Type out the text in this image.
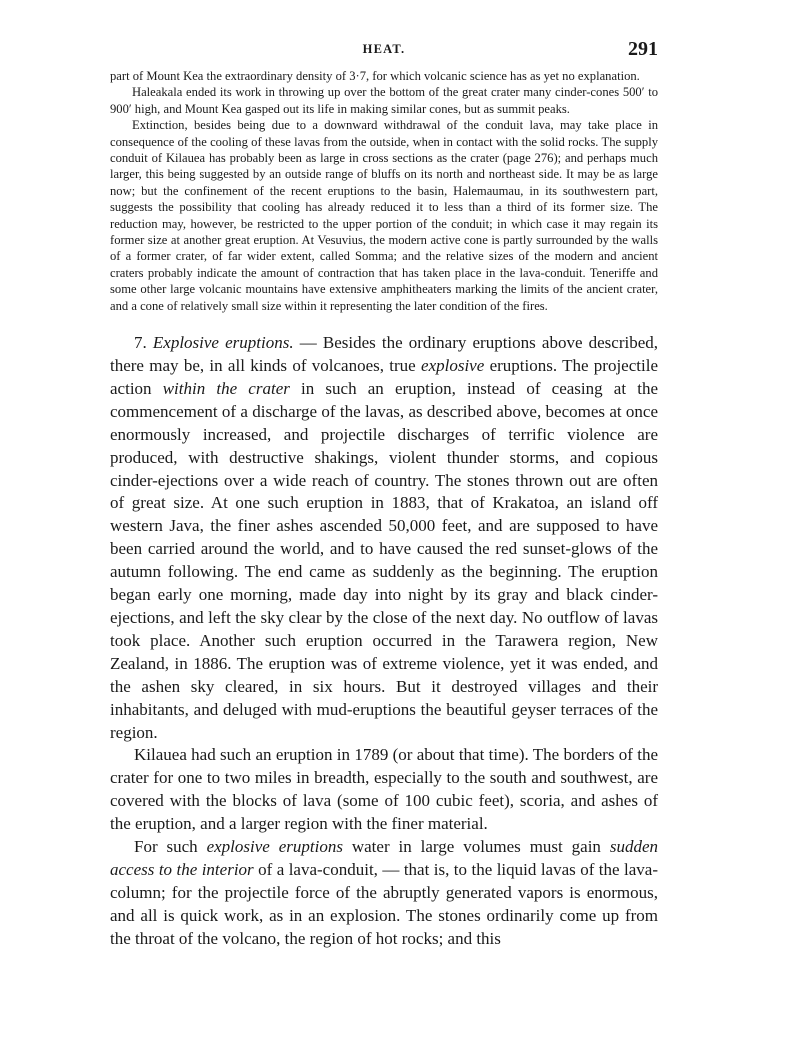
HEAT.	291

part of Mount Kea the extraordinary density of 3·7, for which volcanic science has as yet no explanation.

Haleakala ended its work in throwing up over the bottom of the great crater many cinder-cones 500′ to 900′ high, and Mount Kea gasped out its life in making similar cones, but as summit peaks.

Extinction, besides being due to a downward withdrawal of the conduit lava, may take place in consequence of the cooling of these lavas from the outside, when in contact with the solid rocks. The supply conduit of Kilauea has probably been as large in cross sections as the crater (page 276); and perhaps much larger, this being suggested by an outside range of bluffs on its north and northeast side. It may be as large now; but the confinement of the recent eruptions to the basin, Halemaumau, in its southwestern part, suggests the possibility that cooling has already reduced it to less than a third of its former size. The reduction may, however, be restricted to the upper portion of the conduit; in which case it may regain its former size at another great eruption. At Vesuvius, the modern active cone is partly surrounded by the walls of a former crater, of far wider extent, called Somma; and the relative sizes of the modern and ancient craters probably indicate the amount of contraction that has taken place in the lava-conduit. Teneriffe and some other large volcanic mountains have extensive amphitheaters marking the limits of the ancient crater, and a cone of relatively small size within it representing the later condition of the fires.

7. Explosive eruptions. — Besides the ordinary eruptions above described, there may be, in all kinds of volcanoes, true explosive eruptions. The projectile action within the crater in such an eruption, instead of ceasing at the commencement of a discharge of the lavas, as described above, becomes at once enormously increased, and projectile discharges of terrific violence are produced, with destructive shakings, violent thunder storms, and copious cinder-ejections over a wide reach of country. The stones thrown out are often of great size. At one such eruption in 1883, that of Krakatoa, an island off western Java, the finer ashes ascended 50,000 feet, and are supposed to have been carried around the world, and to have caused the red sunset-glows of the autumn following. The end came as suddenly as the beginning. The eruption began early one morning, made day into night by its gray and black cinder-ejections, and left the sky clear by the close of the next day. No outflow of lavas took place. Another such eruption occurred in the Tarawera region, New Zealand, in 1886. The eruption was of extreme violence, yet it was ended, and the ashen sky cleared, in six hours. But it destroyed villages and their inhabitants, and deluged with mud-eruptions the beautiful geyser terraces of the region.

Kilauea had such an eruption in 1789 (or about that time). The borders of the crater for one to two miles in breadth, especially to the south and southwest, are covered with the blocks of lava (some of 100 cubic feet), scoria, and ashes of the eruption, and a larger region with the finer material.

For such explosive eruptions water in large volumes must gain sudden access to the interior of a lava-conduit, — that is, to the liquid lavas of the lava-column; for the projectile force of the abruptly generated vapors is enormous, and all is quick work, as in an explosion. The stones ordinarily come up from the throat of the volcano, the region of hot rocks; and this
